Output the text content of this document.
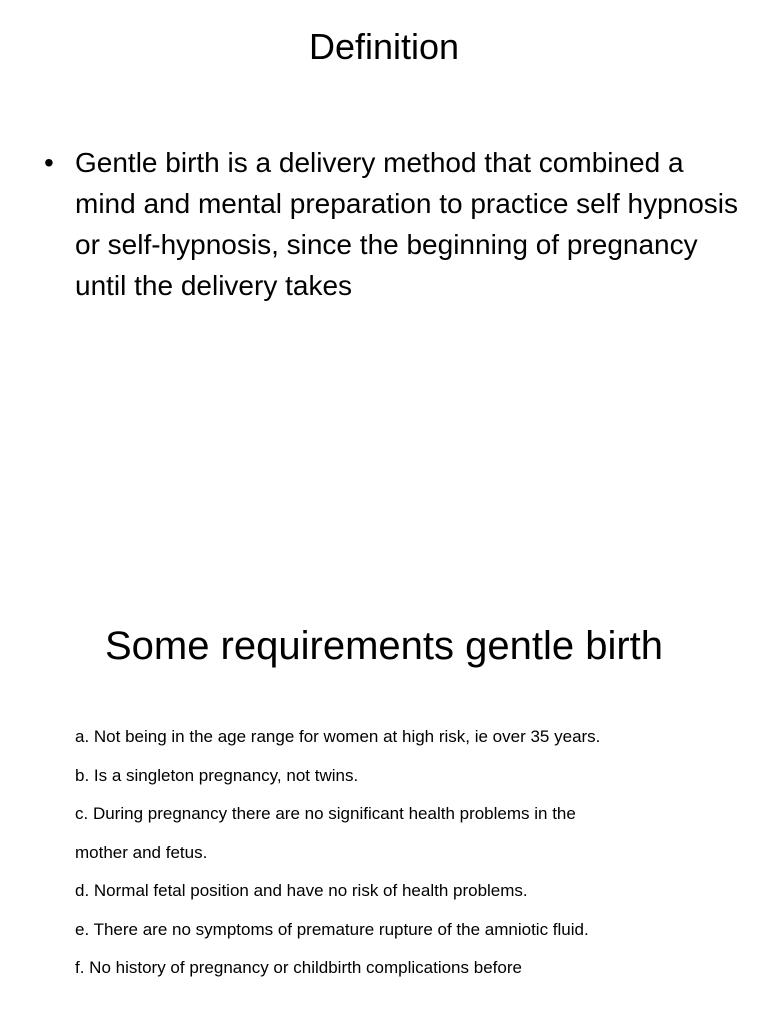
Definition
• Gentle birth is a delivery method that combined a mind and mental preparation to practice self hypnosis or self-hypnosis, since the beginning of pregnancy until the delivery takes
Some requirements gentle birth
a. Not being in the age range for women at high risk, ie over 35 years.
b. Is a singleton pregnancy, not twins.
c. During pregnancy there are no significant health problems in the
mother and fetus.
d. Normal fetal position and have no risk of health problems.
e. There are no symptoms of premature rupture of the amniotic fluid.
f. No history of pregnancy or childbirth complications before
